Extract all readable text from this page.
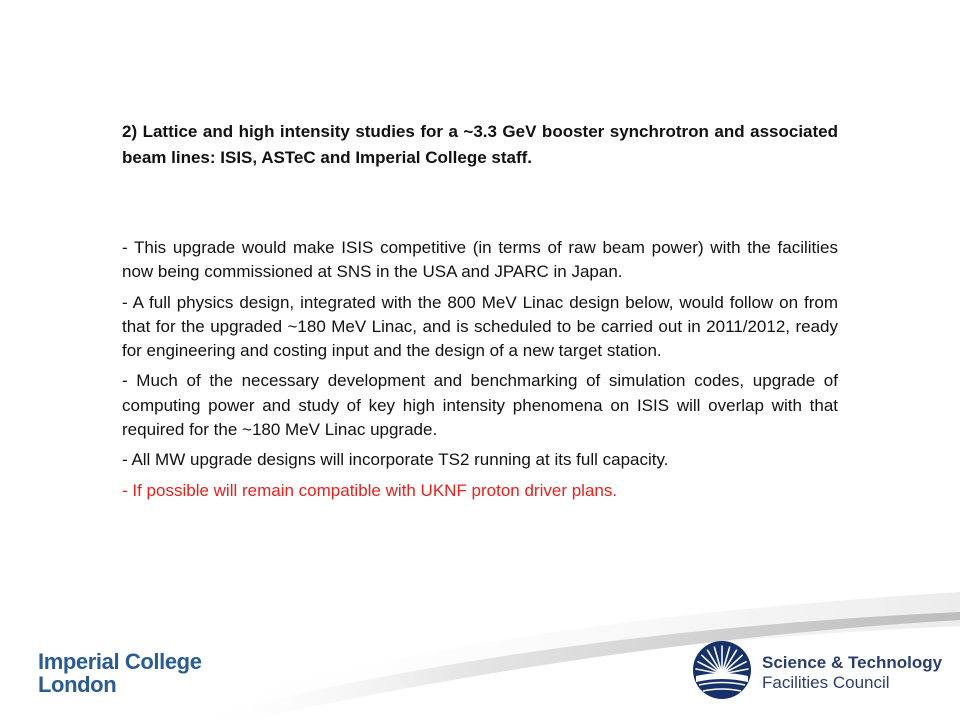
2) Lattice and high intensity studies for a ~3.3 GeV booster synchrotron and associated beam lines: ISIS, ASTeC and Imperial College staff.

- This upgrade would make ISIS competitive (in terms of raw beam power) with the facilities now being commissioned at SNS in the USA and JPARC in Japan.
- A full physics design, integrated with the 800 MeV Linac design below, would follow on from that for the upgraded ~180 MeV Linac, and is scheduled to be carried out in 2011/2012, ready for engineering and costing input and the design of a new target station.
- Much of the necessary development and benchmarking of simulation codes, upgrade of computing power and study of key high intensity phenomena on ISIS will overlap with that required for the ~180 MeV Linac upgrade.
- All MW upgrade designs will incorporate TS2 running at its full capacity.
- If possible will remain compatible with UKNF proton driver plans.
Imperial College
London
Science & Technology
Facilities Council
